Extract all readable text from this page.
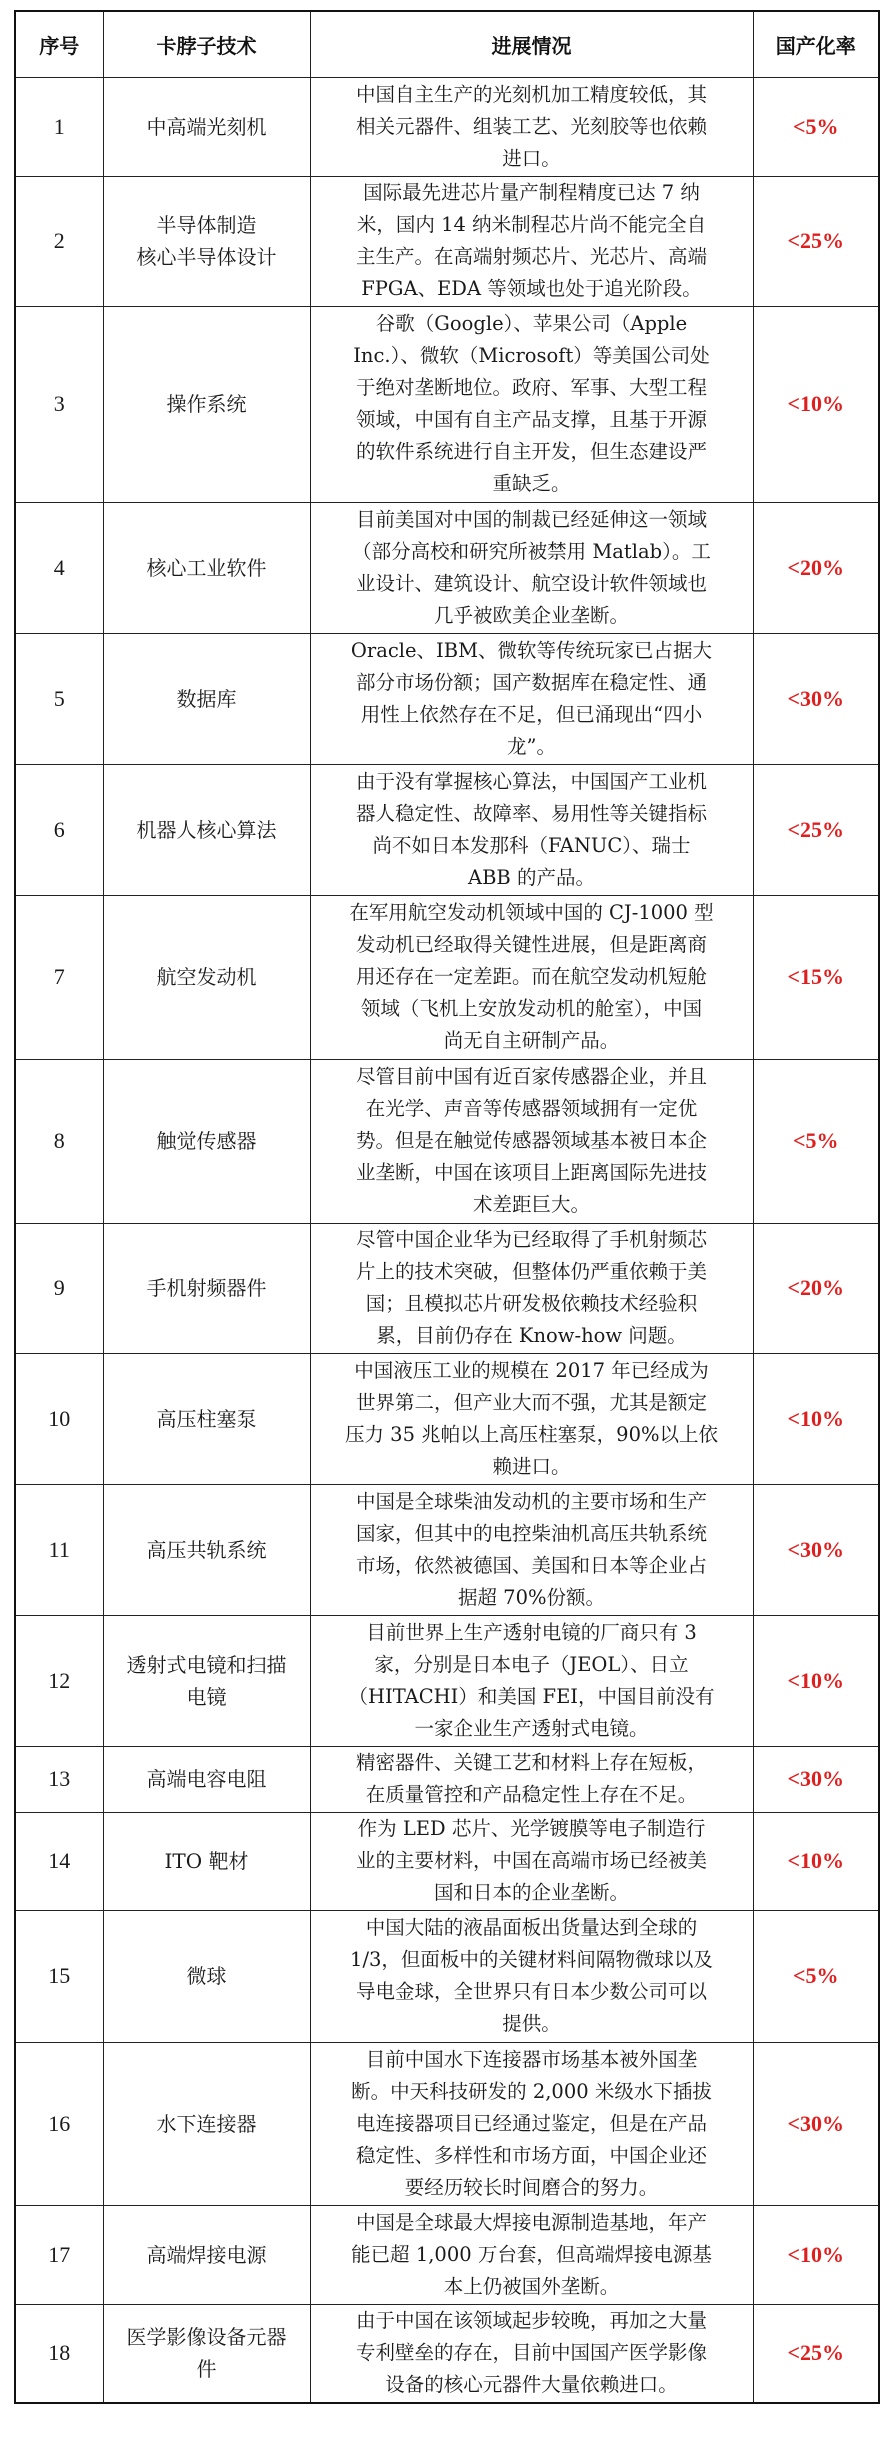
序号	卡脖子技术	进展情况	国产化率
1	中高端光刻机	中国自主生产的光刻机加工精度较低，其
相关元器件、组装工艺、光刻胶等也依赖
进口。	<5%
2	半导体制造
核心半导体设计	国际最先进芯片量产制程精度已达 7 纳
米，国内 14 纳米制程芯片尚不能完全自
主生产。在高端射频芯片、光芯片、高端
FPGA、EDA 等领域也处于追光阶段。	<25%
3	操作系统

谷歌（Google）、苹果公司（Apple
Inc.）、微软（Microsoft）等美国公司处
于绝对垄断地位。政府、军事、大型工程
领域，中国有自主产品支撑，且基于开源
的软件系统进行自主开发，但生态建设严
重缺乏。
	<10%
4	核心工业软件	目前美国对中国的制裁已经延伸这一领域
（部分高校和研究所被禁用 Matlab）。工
业设计、建筑设计、航空设计软件领域也
几乎被欧美企业垄断。	<20%
5	数据库	Oracle、IBM、微软等传统玩家已占据大
部分市场份额；国产数据库在稳定性、通
用性上依然存在不足，但已涌现出“四小
龙”。	<30%
6	机器人核心算法	由于没有掌握核心算法，中国国产工业机
器人稳定性、故障率、易用性等关键指标
尚不如日本发那科（FANUC）、瑞士
ABB 的产品。	<25%
7	航空发动机	在军用航空发动机领域中国的 CJ-1000 型
发动机已经取得关键性进展，但是距离商
用还存在一定差距。而在航空发动机短舱
领域（飞机上安放发动机的舱室），中国
尚无自主研制产品。	<15%
8	触觉传感器	尽管目前中国有近百家传感器企业，并且
在光学、声音等传感器领域拥有一定优
势。但是在触觉传感器领域基本被日本企
业垄断，中国在该项目上距离国际先进技
术差距巨大。	<5%
9	手机射频器件	尽管中国企业华为已经取得了手机射频芯
片上的技术突破，但整体仍严重依赖于美
国；且模拟芯片研发极依赖技术经验积
累，目前仍存在 Know-how 问题。	<20%
10	高压柱塞泵	中国液压工业的规模在 2017 年已经成为
世界第二，但产业大而不强，尤其是额定
压力 35 兆帕以上高压柱塞泵，90%以上依
赖进口。	<10%
11	高压共轨系统	中国是全球柴油发动机的主要市场和生产
国家，但其中的电控柴油机高压共轨系统
市场，依然被德国、美国和日本等企业占
据超 70%份额。	<30%
12	透射式电镜和扫描
电镜	目前世界上生产透射电镜的厂商只有 3
家，分别是日本电子（JEOL）、日立
（HITACHI）和美国 FEI，中国目前没有
一家企业生产透射式电镜。	<10%
13	高端电容电阻	精密器件、关键工艺和材料上存在短板，
在质量管控和产品稳定性上存在不足。	<30%
14	ITO 靶材	作为 LED 芯片、光学镀膜等电子制造行
业的主要材料，中国在高端市场已经被美
国和日本的企业垄断。	<10%
15	微球	中国大陆的液晶面板出货量达到全球的
1/3，但面板中的关键材料间隔物微球以及
导电金球，全世界只有日本少数公司可以
提供。	<5%
16	水下连接器	目前中国水下连接器市场基本被外国垄
断。中天科技研发的 2,000 米级水下插拔
电连接器项目已经通过鉴定，但是在产品
稳定性、多样性和市场方面，中国企业还
要经历较长时间磨合的努力。	<30%
17	高端焊接电源	中国是全球最大焊接电源制造基地，年产
能已超 1,000 万台套，但高端焊接电源基
本上仍被国外垄断。	<10%
18	医学影像设备元器
件	由于中国在该领域起步较晚，再加之大量
专利壁垒的存在，目前中国国产医学影像
设备的核心元器件大量依赖进口。	<25%
